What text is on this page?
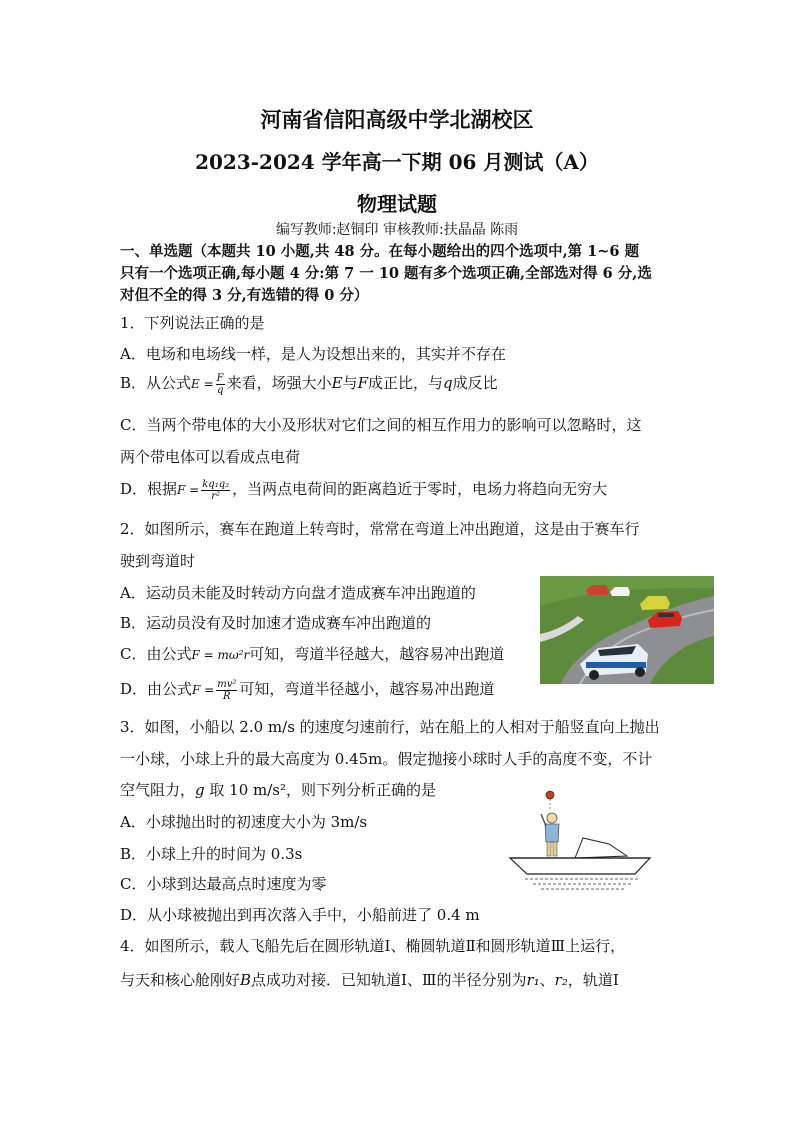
河南省信阳高级中学北湖校区
2023-2024 学年高一下期 06 月测试（A）
物理试题
编写教师:赵铜印 审核教师:扶晶晶 陈雨
一、单选题（本题共 10 小题,共 48 分。在每小题给出的四个选项中,第 1~6 题
只有一个选项正确,每小题 4 分:第 7 一 10 题有多个选项正确,全部选对得 6 分,选
对但不全的得 3 分,有选错的得 0 分）
1．下列说法正确的是
A．电场和电场线一样，是人为设想出来的，其实并不存在
B．从公式$E = \frac{F}{q}$ 来看，场强大小E与F成正比，与q成反比
C．当两个带电体的大小及形状对它们之间的相互作用力的影响可以忽略时，这
两个带电体可以看成点电荷
D．根据$F = \frac{\text{kq₁q₂}}{\text{r²}}$ ，当两点电荷间的距离趋近于零时，电场力将趋向无穷大
2．如图所示，赛车在跑道上转弯时，常常在弯道上冲出跑道，这是由于赛车行
驶到弯道时
A．运动员未能及时转动方向盘才造成赛车冲出跑道的
B．运动员没有及时加速才造成赛车冲出跑道的
C．由公式F = mω²r可知，弯道半径越大，越容易冲出跑道
D．由公式$F = \frac{\text{mv²}}{R}$ 可知，弯道半径越小，越容易冲出跑道
3．如图，小船以 2.0 m/s 的速度匀速前行，站在船上的人相对于船竖直向上抛出
一小球，小球上升的最大高度为 0.45m。假定抛接小球时人手的高度不变，不计
空气阻力，g 取 10 m/s²，则下列分析正确的是
A．小球抛出时的初速度大小为 3m/s
B．小球上升的时间为 0.3s
C．小球到达最高点时速度为零
D．从小球被抛出到再次落入手中，小船前进了 0.4 m
4．如图所示，载人飞船先后在圆形轨道Ⅰ、椭圆轨道Ⅱ和圆形轨道Ⅲ上运行，
与天和核心舱刚好B点成功对接．已知轨道Ⅰ、Ⅲ的半径分别为r₁、r₂，轨道Ⅰ
